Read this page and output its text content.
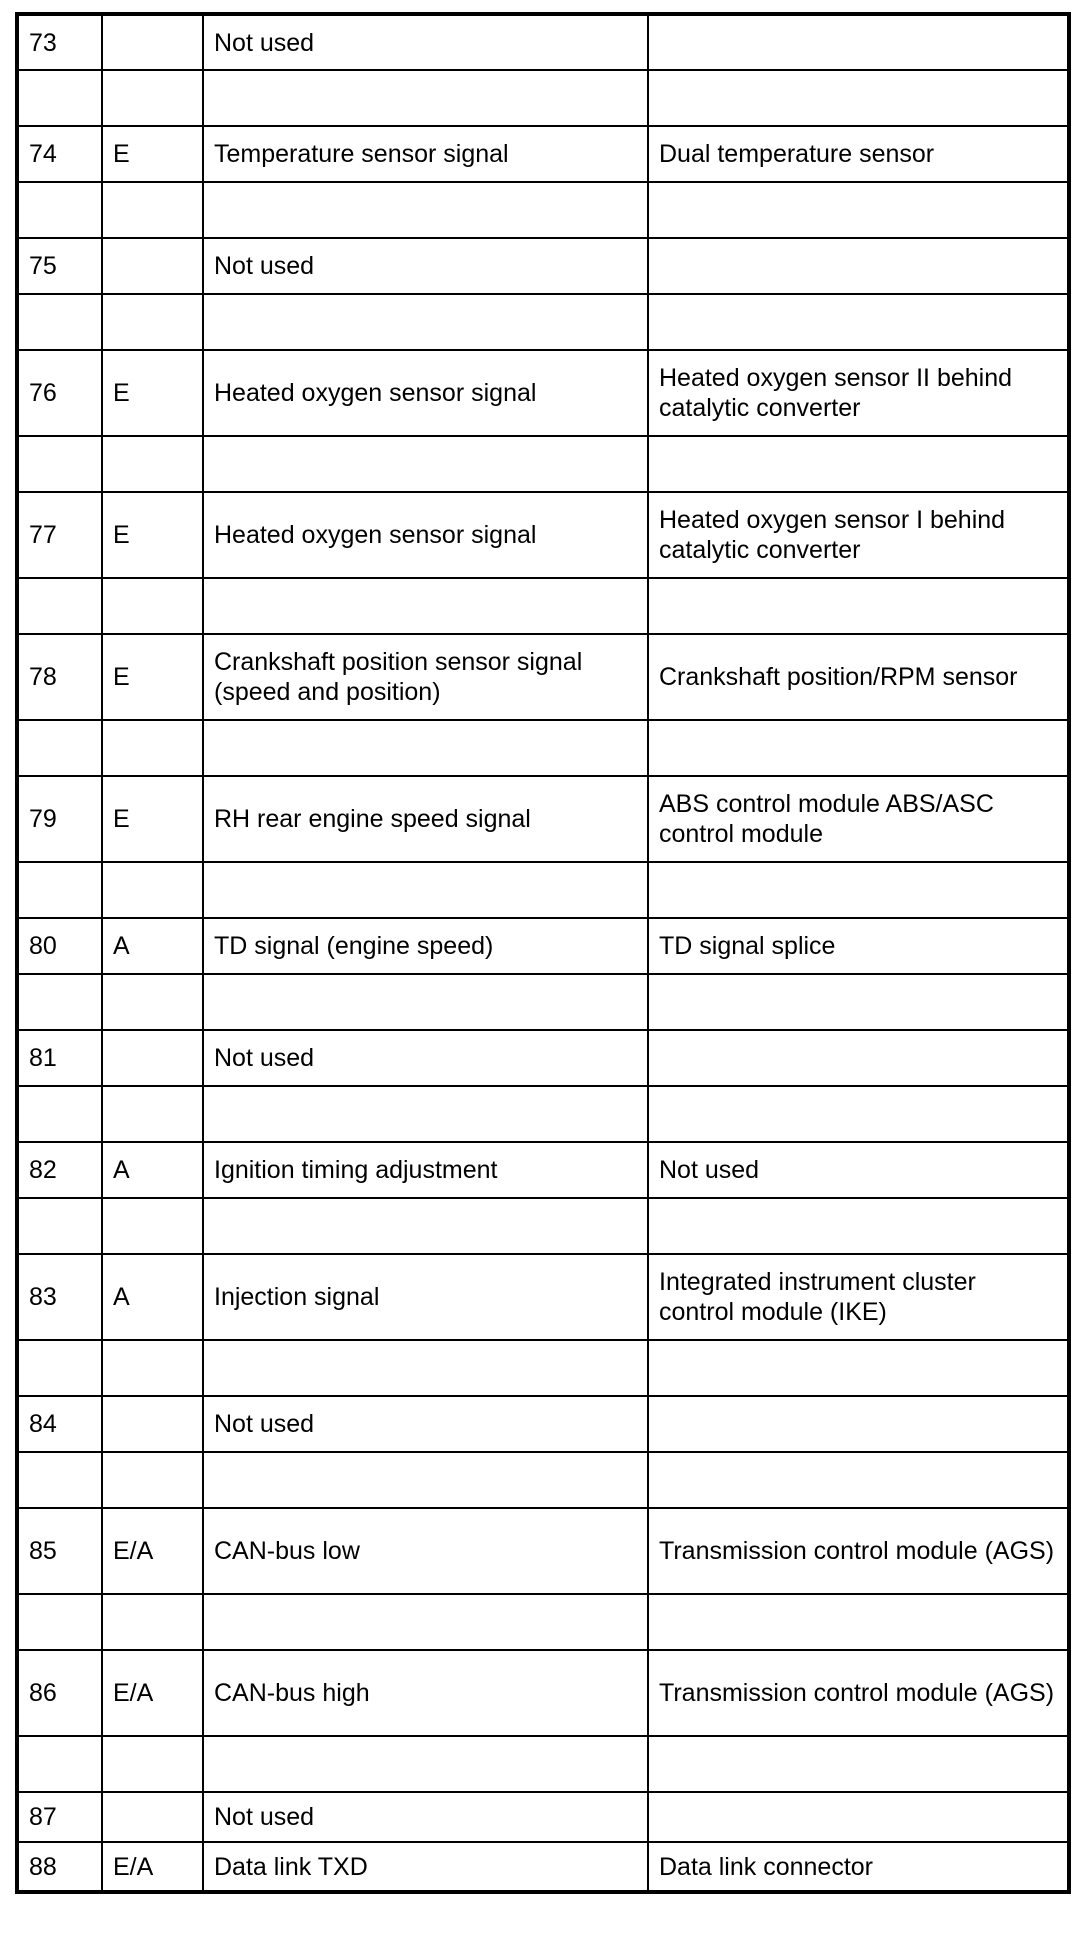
73		Not used	

74	E	Temperature sensor signal	Dual temperature sensor

75		Not used	

76	E	Heated oxygen sensor signal	Heated oxygen sensor II behind catalytic converter

77	E	Heated oxygen sensor signal	Heated oxygen sensor I behind catalytic converter

78	E	Crankshaft position sensor signal (speed and position)	Crankshaft position/RPM sensor

79	E	RH rear engine speed signal	ABS control module ABS/ASC control module

80	A	TD signal (engine speed)	TD signal splice

81		Not used	

82	A	Ignition timing adjustment	Not used

83	A	Injection signal	Integrated instrument cluster control module (IKE)

84		Not used	

85	E/A	CAN-bus low	Transmission control module (AGS)

86	E/A	CAN-bus high	Transmission control module (AGS)

87		Not used	
88	E/A	Data link TXD	Data link connector
